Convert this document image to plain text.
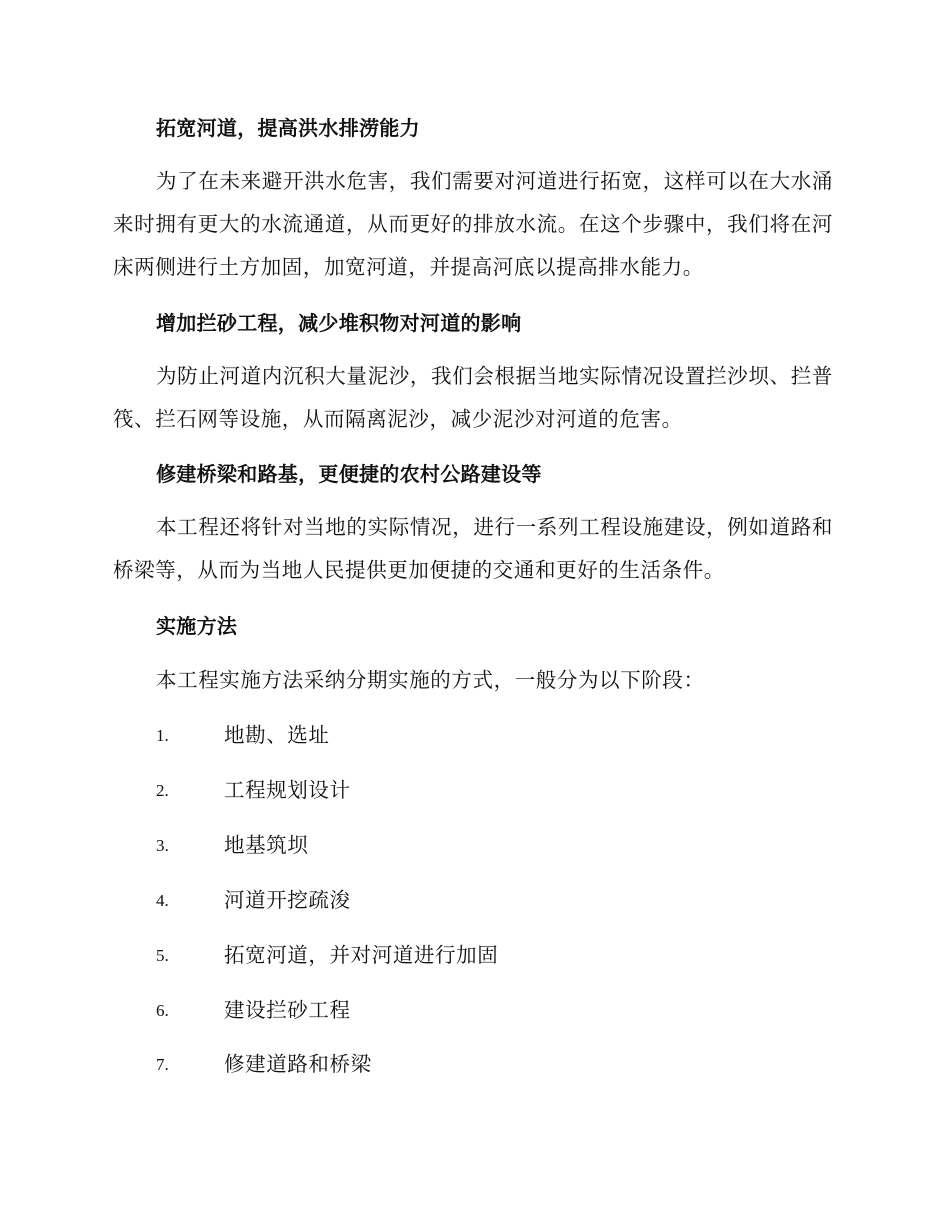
拓宽河道，提高洪水排涝能力
为了在未来避开洪水危害，我们需要对河道进行拓宽，这样可以在大水涌来时拥有更大的水流通道，从而更好的排放水流。在这个步骤中，我们将在河床两侧进行土方加固，加宽河道，并提高河底以提高排水能力。
增加拦砂工程，减少堆积物对河道的影响
为防止河道内沉积大量泥沙，我们会根据当地实际情况设置拦沙坝、拦普筏、拦石网等设施，从而隔离泥沙，减少泥沙对河道的危害。
修建桥梁和路基，更便捷的农村公路建设等
本工程还将针对当地的实际情况，进行一系列工程设施建设，例如道路和桥梁等，从而为当地人民提供更加便捷的交通和更好的生活条件。
实施方法
本工程实施方法采纳分期实施的方式，一般分为以下阶段：
1.	地勘、选址
2.	工程规划设计
3.	地基筑坝
4.	河道开挖疏浚
5.	拓宽河道，并对河道进行加固
6.	建设拦砂工程
7.	修建道路和桥梁
